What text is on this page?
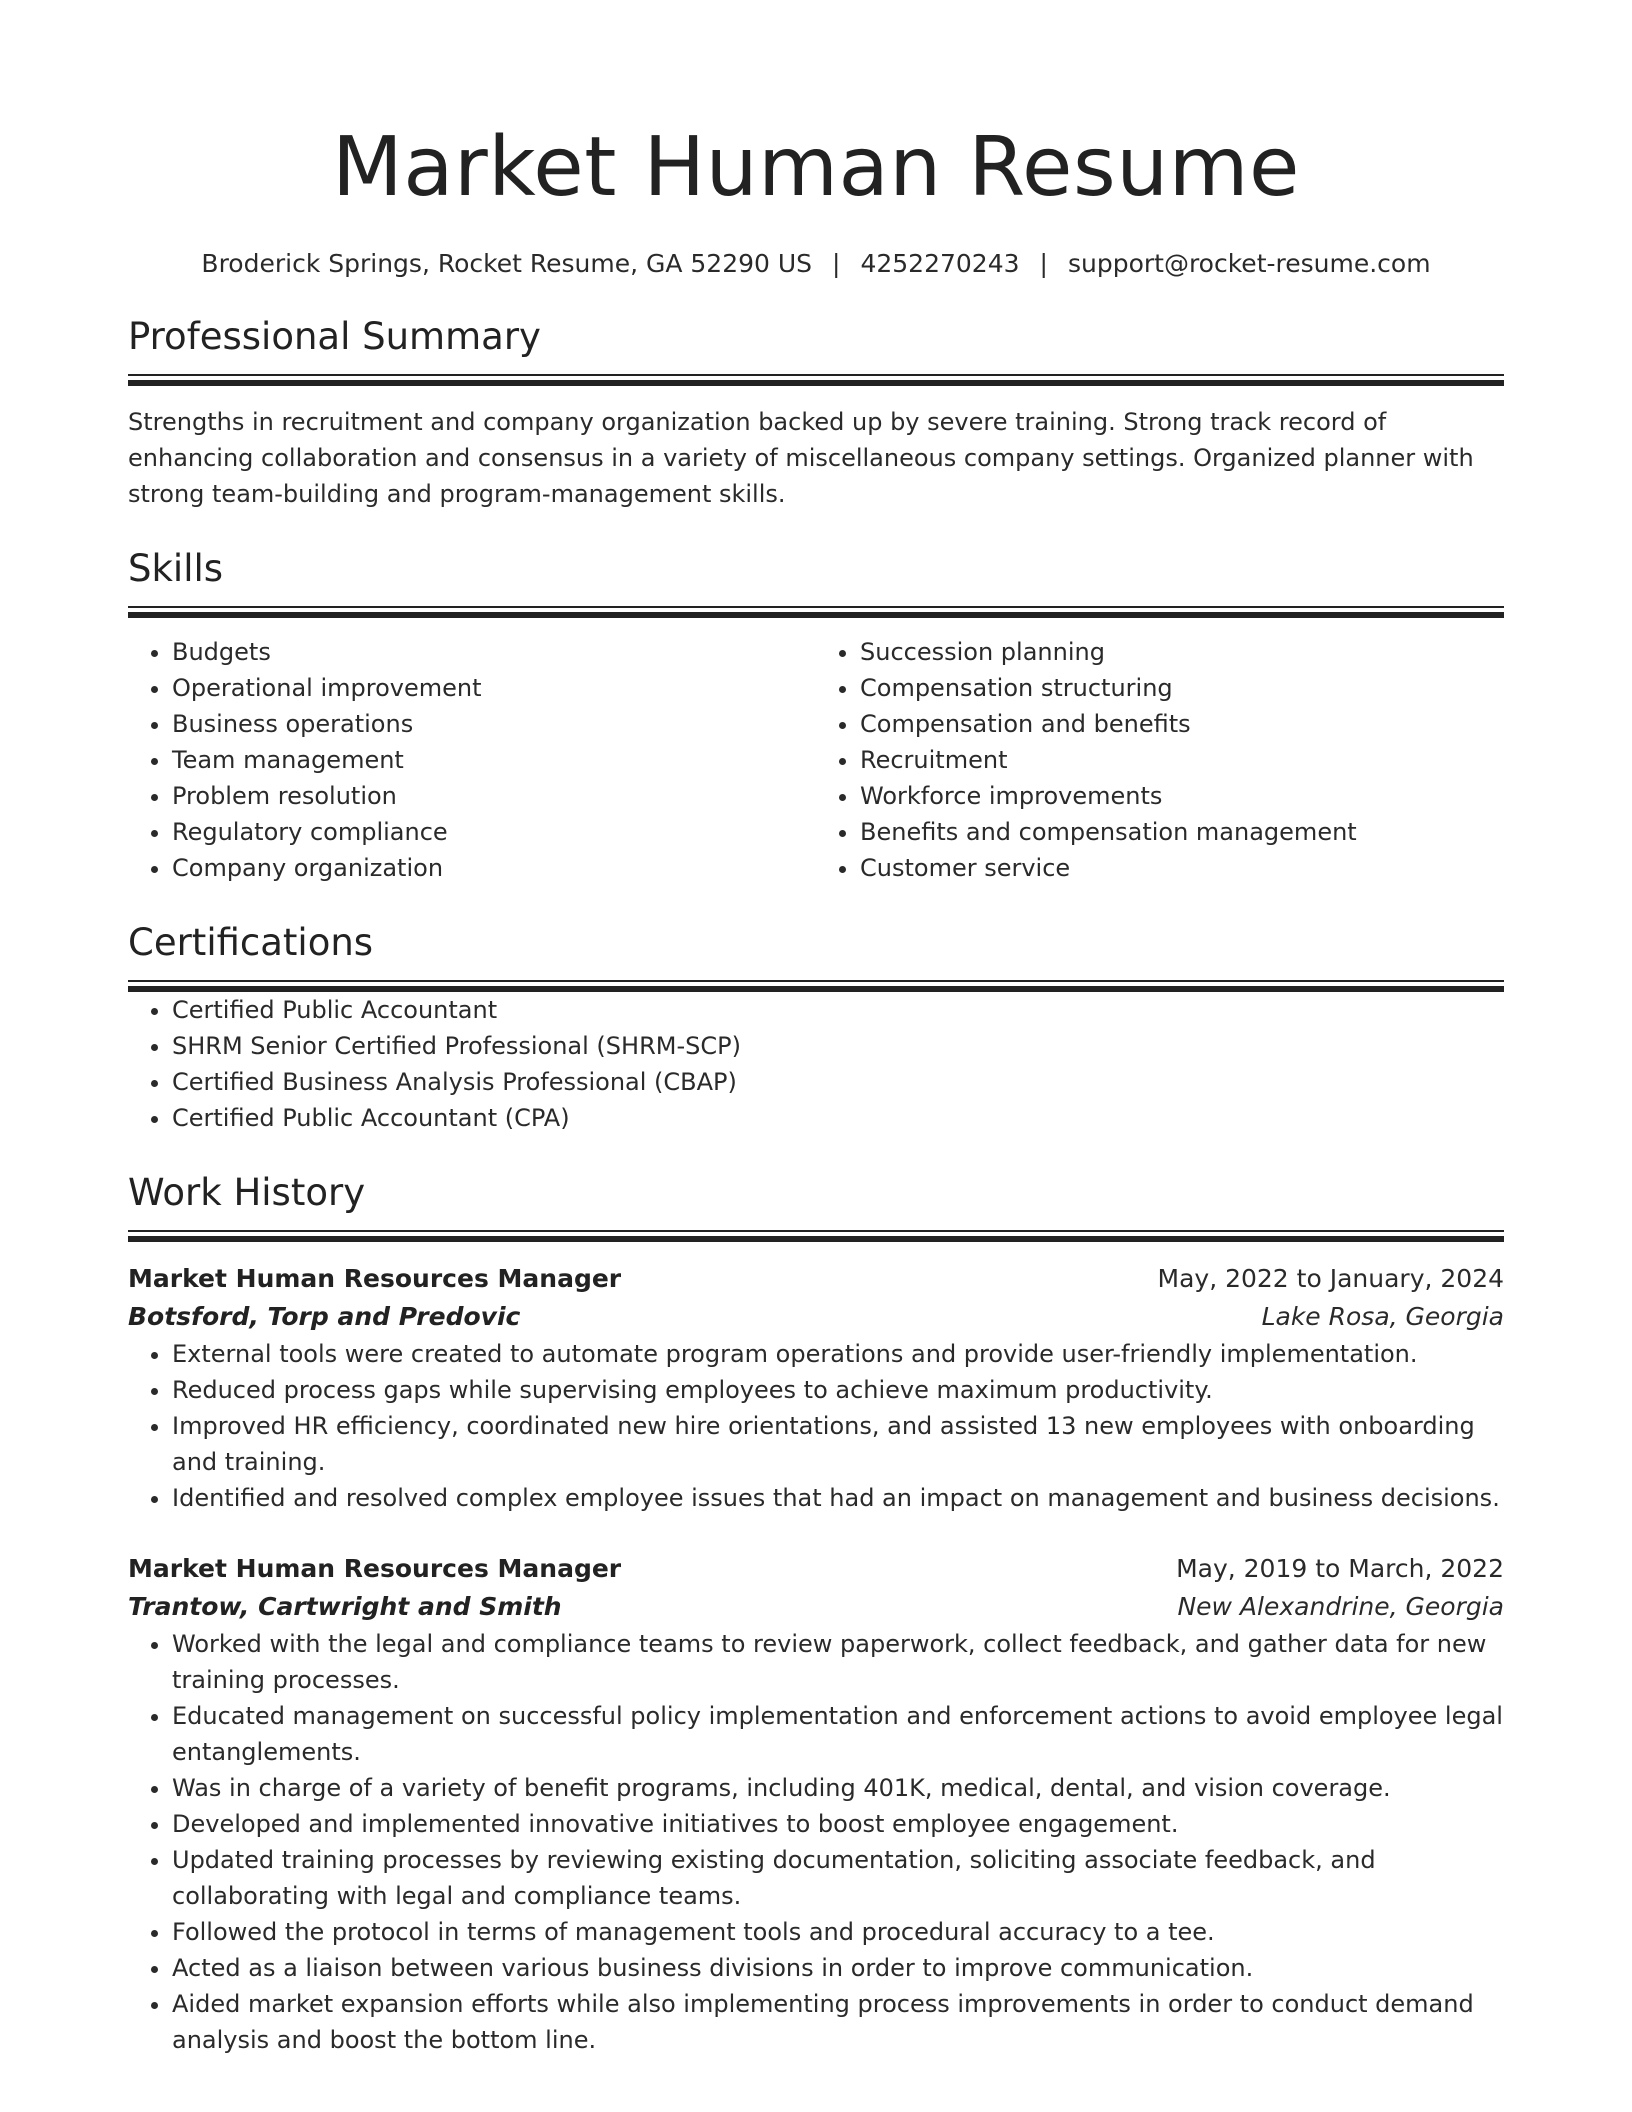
Market Human Resume
Broderick Springs, Rocket Resume, GA 52290 US | 4252270243 | support@rocket-resume.com
Professional Summary
Strengths in recruitment and company organization backed up by severe training. Strong track record of enhancing collaboration and consensus in a variety of miscellaneous company settings. Organized planner with strong team-building and program-management skills.
Skills
• Budgets
• Operational improvement
• Business operations
• Team management
• Problem resolution
• Regulatory compliance
• Company organization
• Succession planning
• Compensation structuring
• Compensation and benefits
• Recruitment
• Workforce improvements
• Benefits and compensation management
• Customer service
Certifications
• Certified Public Accountant
• SHRM Senior Certified Professional (SHRM-SCP)
• Certified Business Analysis Professional (CBAP)
• Certified Public Accountant (CPA)
Work History
Market Human Resources Manager	May, 2022 to January, 2024
Botsford, Torp and Predovic	Lake Rosa, Georgia
• External tools were created to automate program operations and provide user-friendly implementation.
• Reduced process gaps while supervising employees to achieve maximum productivity.
• Improved HR efficiency, coordinated new hire orientations, and assisted 13 new employees with onboarding and training.
• Identified and resolved complex employee issues that had an impact on management and business decisions.
Market Human Resources Manager	May, 2019 to March, 2022
Trantow, Cartwright and Smith	New Alexandrine, Georgia
• Worked with the legal and compliance teams to review paperwork, collect feedback, and gather data for new training processes.
• Educated management on successful policy implementation and enforcement actions to avoid employee legal entanglements.
• Was in charge of a variety of benefit programs, including 401K, medical, dental, and vision coverage.
• Developed and implemented innovative initiatives to boost employee engagement.
• Updated training processes by reviewing existing documentation, soliciting associate feedback, and collaborating with legal and compliance teams.
• Followed the protocol in terms of management tools and procedural accuracy to a tee.
• Acted as a liaison between various business divisions in order to improve communication.
• Aided market expansion efforts while also implementing process improvements in order to conduct demand analysis and boost the bottom line.
